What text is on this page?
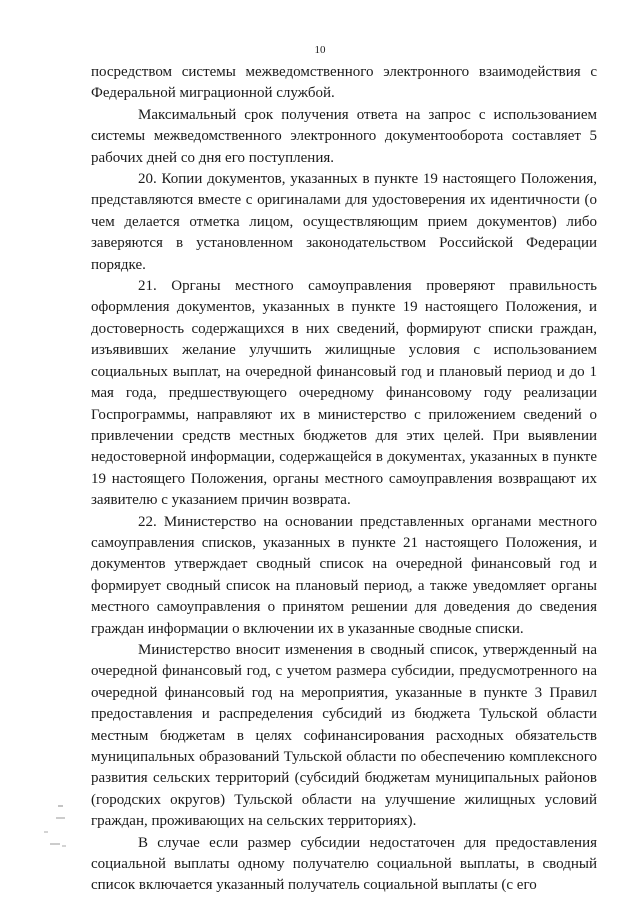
10

посредством системы межведомственного электронного взаимодействия с Федеральной миграционной службой.

Максимальный срок получения ответа на запрос с использованием системы межведомственного электронного документооборота составляет 5 рабочих дней со дня его поступления.

20. Копии документов, указанных в пункте 19 настоящего Положения, представляются вместе с оригиналами для удостоверения их идентичности (о чем делается отметка лицом, осуществляющим прием документов) либо заверяются в установленном законодательством Российской Федерации порядке.

21. Органы местного самоуправления проверяют правильность оформления документов, указанных в пункте 19 настоящего Положения, и достоверность содержащихся в них сведений, формируют списки граждан, изъявивших желание улучшить жилищные условия с использованием социальных выплат, на очередной финансовый год и плановый период и до 1 мая года, предшествующего очередному финансовому году реализации Госпрограммы, направляют их в министерство с приложением сведений о привлечении средств местных бюджетов для этих целей. При выявлении недостоверной информации, содержащейся в документах, указанных в пункте 19 настоящего Положения, органы местного самоуправления возвращают их заявителю с указанием причин возврата.

22. Министерство на основании представленных органами местного самоуправления списков, указанных в пункте 21 настоящего Положения, и документов утверждает сводный список на очередной финансовый год и формирует сводный список на плановый период, а также уведомляет органы местного самоуправления о принятом решении для доведения до сведения граждан информации о включении их в указанные сводные списки.

Министерство вносит изменения в сводный список, утвержденный на очередной финансовый год, с учетом размера субсидии, предусмотренного на очередной финансовый год на мероприятия, указанные в пункте 3 Правил предоставления и распределения субсидий из бюджета Тульской области местным бюджетам в целях софинансирования расходных обязательств муниципальных образований Тульской области по обеспечению комплексного развития сельских территорий (субсидий бюджетам муниципальных районов (городских округов) Тульской области на улучшение жилищных условий граждан, проживающих на сельских территориях).

В случае если размер субсидии недостаточен для предоставления социальной выплаты одному получателю социальной выплаты, в сводный список включается указанный получатель социальной выплаты (с его
